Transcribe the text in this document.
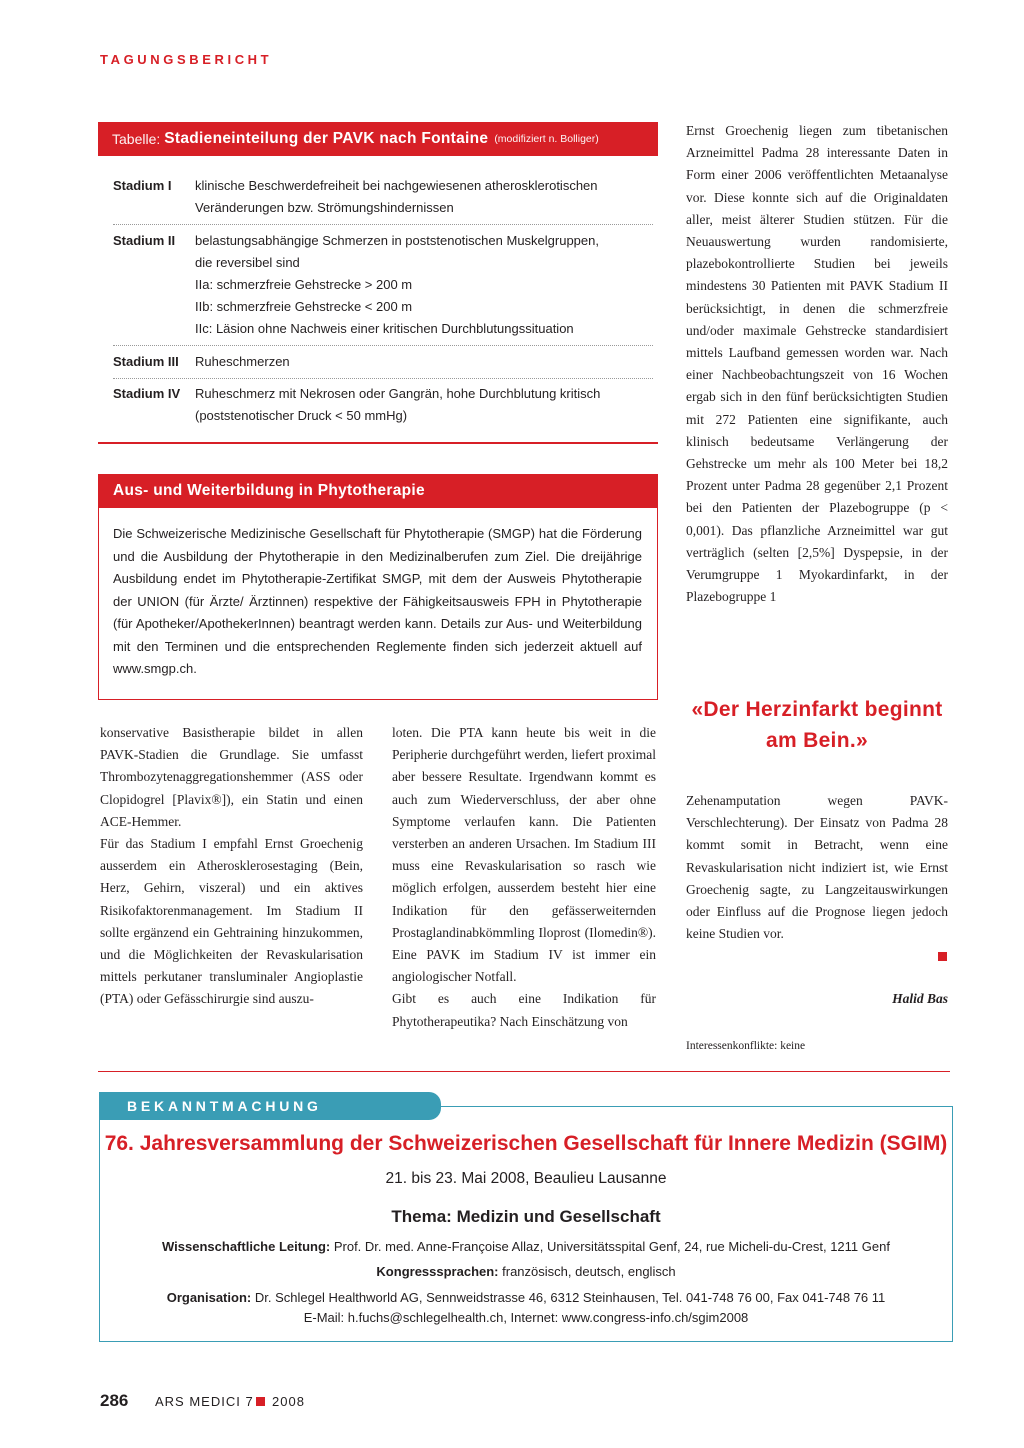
TAGUNGSBERICHT
Tabelle: Stadieneinteilung der PAVK nach Fontaine (modifiziert n. Bolliger)
Stadium I klinische Beschwerdefreiheit bei nachgewiesenen atherosklerotischen
Veränderungen bzw. Strömungshindernissen
Stadium II belastungsabhängige Schmerzen in poststenotischen Muskelgruppen,
die reversibel sind
IIa: schmerzfreie Gehstrecke > 200 m
IIb: schmerzfreie Gehstrecke < 200 m
IIc: Läsion ohne Nachweis einer kritischen Durchblutungssituation
Stadium III Ruheschmerzen
Stadium IV Ruheschmerz mit Nekrosen oder Gangrän, hohe Durchblutung kritisch
(poststenotischer Druck < 50 mmHg)
Aus- und Weiterbildung in Phytotherapie
Die Schweizerische Medizinische Gesellschaft für Phytotherapie (SMGP) hat die Förderung und die Ausbildung der Phytotherapie in den Medizinalberufen zum Ziel. Die dreijährige Ausbildung endet im Phytotherapie-Zertifikat SMGP, mit dem der Ausweis Phytotherapie der UNION (für Ärzte/ Ärztinnen) respektive der Fähigkeitsausweis FPH in Phytotherapie (für Apotheker/ApothekerInnen) beantragt werden kann. Details zur Aus- und Weiterbildung mit den Terminen und die entsprechenden Reglemente finden sich jederzeit aktuell auf www.smgp.ch.

konservative Basistherapie bildet in allen PAVK-Stadien die Grundlage. Sie umfasst Thrombozytenaggregationshemmer (ASS oder Clopidogrel [Plavix®]), ein Statin und einen ACE-Hemmer.

Für das Stadium I empfahl Ernst Groechenig ausserdem ein Atherosklerosestaging (Bein, Herz, Gehirn, viszeral) und ein aktives Risikofaktorenmanagement. Im Stadium II sollte ergänzend ein Gehtraining hinzukommen, und die Möglichkeiten der Revaskularisation mittels perkutaner transluminaler Angioplastie (PTA) oder Gefässchirurgie sind auszu-

loten. Die PTA kann heute bis weit in die Peripherie durchgeführt werden, liefert proximal aber bessere Resultate. Irgendwann kommt es auch zum Wiederverschluss, der aber ohne Symptome verlaufen kann. Die Patienten versterben an anderen Ursachen. Im Stadium III muss eine Revaskularisation so rasch wie möglich erfolgen, ausserdem besteht hier eine Indikation für den gefässerweiternden Prostaglandinabkömmling Iloprost (Ilomedin®). Eine PAVK im Stadium IV ist immer ein angiologischer Notfall.

Gibt es auch eine Indikation für Phytotherapeutika? Nach Einschätzung von

Ernst Groechenig liegen zum tibetanischen Arzneimittel Padma 28 interessante Daten in Form einer 2006 veröffentlichten Metaanalyse vor. Diese konnte sich auf die Originaldaten aller, meist älterer Studien stützen. Für die Neuauswertung wurden randomisierte, plazebokontrollierte Studien bei jeweils mindestens 30 Patienten mit PAVK Stadium II berücksichtigt, in denen die schmerzfreie und/oder maximale Gehstrecke standardisiert mittels Laufband gemessen worden war. Nach einer Nachbeobachtungszeit von 16 Wochen ergab sich in den fünf berücksichtigten Studien mit 272 Patienten eine signifikante, auch klinisch bedeutsame Verlängerung der Gehstrecke um mehr als 100 Meter bei 18,2 Prozent unter Padma 28 gegenüber 2,1 Prozent bei den Patienten der Plazebogruppe (p < 0,001). Das pflanzliche Arzneimittel war gut verträglich (selten [2,5%] Dyspepsie, in der Verumgruppe 1 Myokardinfarkt, in der Plazebogruppe 1

«Der Herzinfarkt beginnt am Bein.»

Zehenamputation wegen PAVK-Verschlechterung). Der Einsatz von Padma 28 kommt somit in Betracht, wenn eine Revaskularisation nicht indiziert ist, wie Ernst Groechenig sagte, zu Langzeitauswirkungen oder Einfluss auf die Prognose liegen jedoch keine Studien vor.

Halid Bas
Interessenkonflikte: keine
BEKANNTMACHUNG
76. Jahresversammlung der Schweizerischen Gesellschaft für Innere Medizin (SGIM)
21. bis 23. Mai 2008, Beaulieu Lausanne
Thema: Medizin und Gesellschaft
Wissenschaftliche Leitung: Prof. Dr. med. Anne-Françoise Allaz, Universitätsspital Genf, 24, rue Micheli-du-Crest, 1211 Genf
Kongresssprachen: französisch, deutsch, englisch
Organisation: Dr. Schlegel Healthworld AG, Sennweidstrasse 46, 6312 Steinhausen, Tel. 041-748 76 00, Fax 041-748 76 11
E-Mail: h.fuchs@schlegelhealth.ch, Internet: www.congress-info.ch/sgim2008
286 ARS MEDICI 7 2008
